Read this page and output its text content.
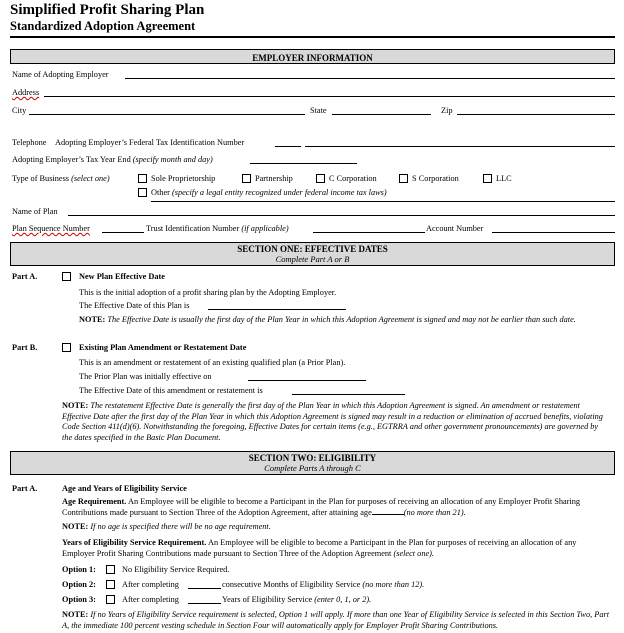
Simplified Profit Sharing Plan
Standardized Adoption Agreement
EMPLOYER INFORMATION
Name of Adopting Employer
Address
City	State	Zip
Telephone Adopting Employer’s Federal Tax Identification Number
Adopting Employer’s Tax Year End (specify month and day)
Type of Business (select one)	Sole Proprietorship	Partnership	C Corporation	S Corporation	LLC
Other (specify a legal entity recognized under federal income tax laws)
Name of Plan
Plan Sequence Number	Trust Identification Number (if applicable)	Account Number
SECTION ONE: EFFECTIVE DATES
Complete Part A or B
Part A.	New Plan Effective Date
This is the initial adoption of a profit sharing plan by the Adopting Employer.
The Effective Date of this Plan is
NOTE: The Effective Date is usually the first day of the Plan Year in which this Adoption Agreement is signed and may not be earlier than such date.
Part B.	Existing Plan Amendment or Restatement Date
This is an amendment or restatement of an existing qualified plan (a Prior Plan).
The Prior Plan was initially effective on
The Effective Date of this amendment or restatement is
NOTE: The restatement Effective Date is generally the first day of the Plan Year in which this Adoption Agreement is signed. An amendment or restatement Effective Date after the first day of the Plan Year in which this Adoption Agreement is signed may result in a reduction or elimination of accrued benefits, violating Code Section 411(d)(6). Notwithstanding the foregoing, Effective Dates for certain items (e.g., EGTRRA and other government pronouncements) are governed by the dates specified in the Basic Plan Document.
SECTION TWO: ELIGIBILITY
Complete Parts A through C
Part A.	Age and Years of Eligibility Service
Age Requirement. An Employee will be eligible to become a Participant in the Plan for purposes of receiving an allocation of any Employer Profit Sharing Contributions made pursuant to Section Three of the Adoption Agreement, after attaining age	(no more than 21).
NOTE: If no age is specified there will be no age requirement.
Years of Eligibility Service Requirement. An Employee will be eligible to become a Participant in the Plan for purposes of receiving an allocation of any Employer Profit Sharing Contributions made pursuant to Section Three of the Adoption Agreement (select one).
Option 1:	No Eligibility Service Required.
Option 2:	After completing	consecutive Months of Eligibility Service (no more than 12).
Option 3:	After completing	Years of Eligibility Service (enter 0, 1, or 2).
NOTE: If no Years of Eligibility Service requirement is selected, Option 1 will apply. If more than one Year of Eligibility Service is selected in this Section Two, Part A, the immediate 100 percent vesting schedule in Section Four will automatically apply for Employer Profit Sharing Contributions.
